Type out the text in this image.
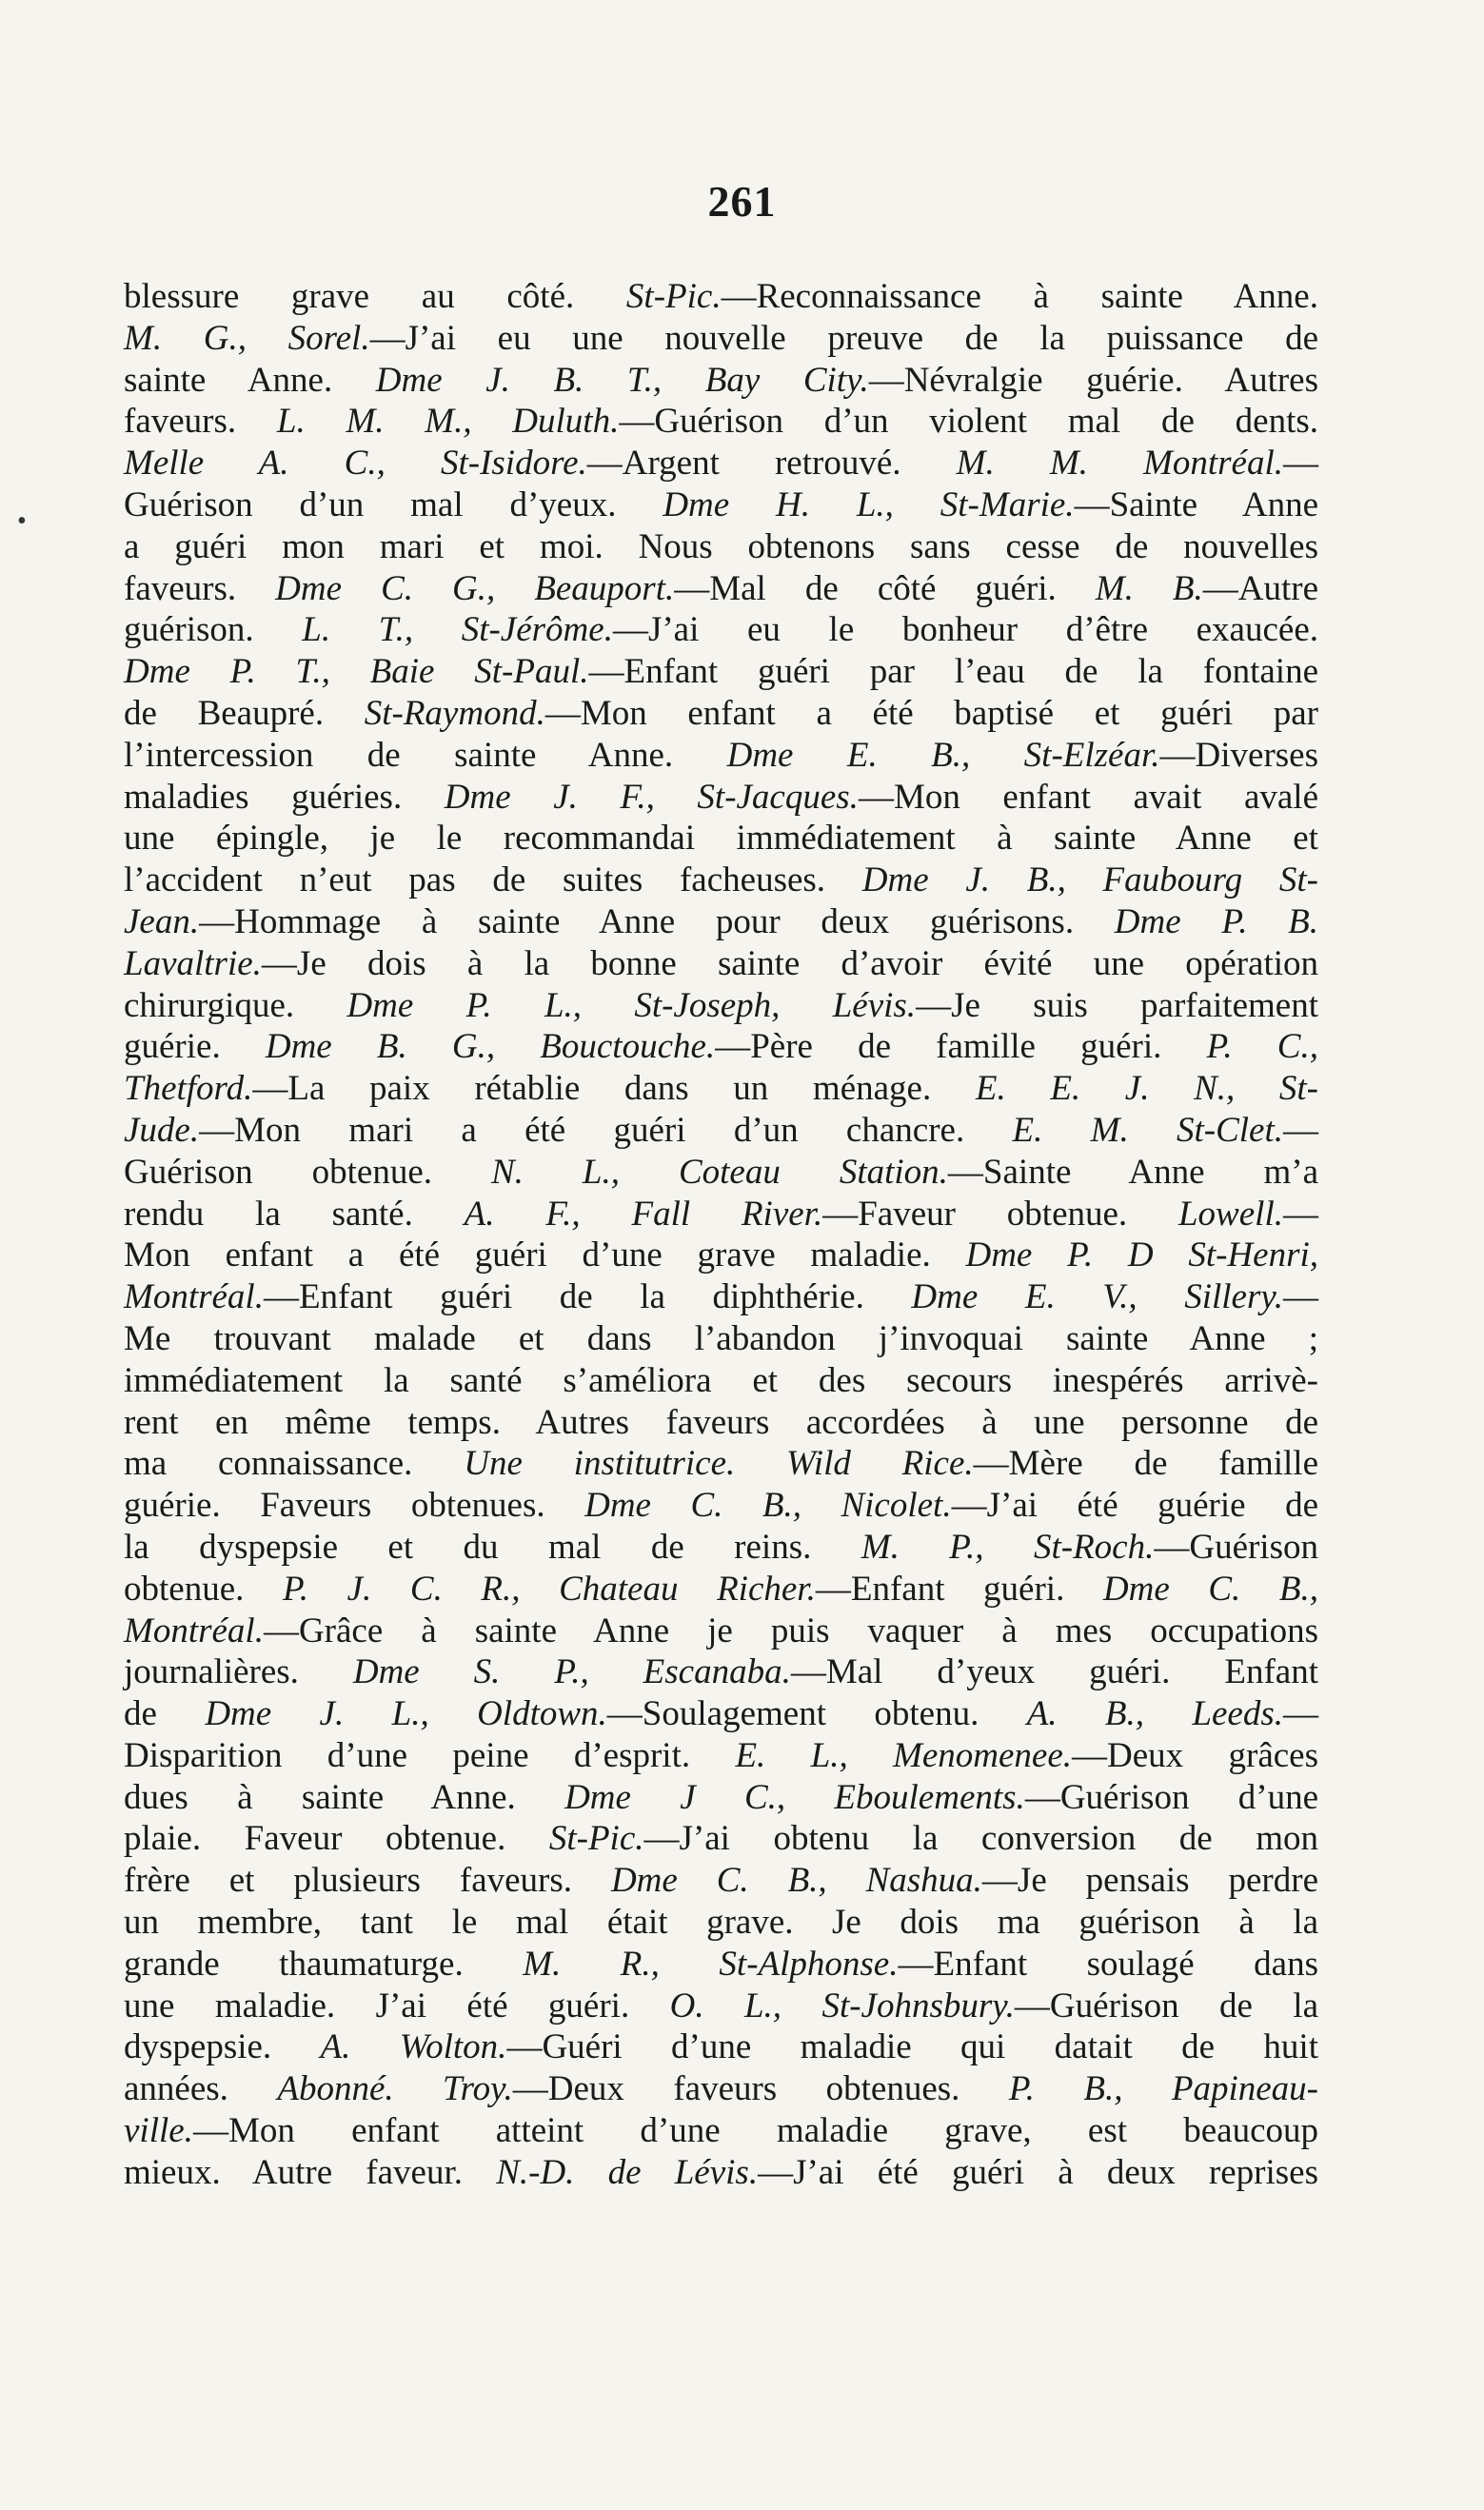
261
•
blessure grave au côté. St-Pic.—Reconnaissance à sainte Anne.
M. G., Sorel.—J’ai eu une nouvelle preuve de la puissance de
sainte Anne. Dme J. B. T., Bay City.—Névralgie guérie. Autres
faveurs. L. M. M., Duluth.—Guérison d’un violent mal de dents.
Melle A. C., St-Isidore.—Argent retrouvé. M. M. Montréal.—
Guérison d’un mal d’yeux. Dme H. L., St-Marie.—Sainte Anne
a guéri mon mari et moi. Nous obtenons sans cesse de nouvelles
faveurs. Dme C. G., Beauport.—Mal de côté guéri. M. B.—Autre
guérison. L. T., St-Jérôme.—J’ai eu le bonheur d’être exaucée.
Dme P. T., Baie St-Paul.—Enfant guéri par l’eau de la fontaine
de Beaupré. St-Raymond.—Mon enfant a été baptisé et guéri par
l’intercession de sainte Anne. Dme E. B., St-Elzéar.—Diverses
maladies guéries. Dme J. F., St-Jacques.—Mon enfant avait avalé
une épingle, je le recommandai immédiatement à sainte Anne et
l’accident n’eut pas de suites facheuses. Dme J. B., Faubourg St-
Jean.—Hommage à sainte Anne pour deux guérisons. Dme P. B.
Lavaltrie.—Je dois à la bonne sainte d’avoir évité une opération
chirurgique. Dme P. L., St-Joseph, Lévis.—Je suis parfaitement
guérie. Dme B. G., Bouctouche.—Père de famille guéri. P. C.,
Thetford.—La paix rétablie dans un ménage. E. E. J. N., St-
Jude.—Mon mari a été guéri d’un chancre. E. M. St-Clet.—
Guérison obtenue. N. L., Coteau Station.—Sainte Anne m’a
rendu la santé. A. F., Fall River.—Faveur obtenue. Lowell.—
Mon enfant a été guéri d’une grave maladie. Dme P. D St-Henri,
Montréal.—Enfant guéri de la diphthérie. Dme E. V., Sillery.—
Me trouvant malade et dans l’abandon j’invoquai sainte Anne ;
immédiatement la santé s’améliora et des secours inespérés arrivè-
rent en même temps. Autres faveurs accordées à une personne de
ma connaissance. Une institutrice. Wild Rice.—Mère de famille
guérie. Faveurs obtenues. Dme C. B., Nicolet.—J’ai été guérie de
la dyspepsie et du mal de reins. M. P., St-Roch.—Guérison
obtenue. P. J. C. R., Chateau Richer.—Enfant guéri. Dme C. B.,
Montréal.—Grâce à sainte Anne je puis vaquer à mes occupations
journalières. Dme S. P., Escanaba.—Mal d’yeux guéri. Enfant
de Dme J. L., Oldtown.—Soulagement obtenu. A. B., Leeds.—
Disparition d’une peine d’esprit. E. L., Menomenee.—Deux grâces
dues à sainte Anne. Dme J C., Eboulements.—Guérison d’une
plaie. Faveur obtenue. St-Pic.—J’ai obtenu la conversion de mon
frère et plusieurs faveurs. Dme C. B., Nashua.—Je pensais perdre
un membre, tant le mal était grave. Je dois ma guérison à la
grande thaumaturge. M. R., St-Alphonse.—Enfant soulagé dans
une maladie. J’ai été guéri. O. L., St-Johnsbury.—Guérison de la
dyspepsie. A. Wolton.—Guéri d’une maladie qui datait de huit
années. Abonné. Troy.—Deux faveurs obtenues. P. B., Papineau-
ville.—Mon enfant atteint d’une maladie grave, est beaucoup
mieux. Autre faveur. N.-D. de Lévis.—J’ai été guéri à deux reprises
